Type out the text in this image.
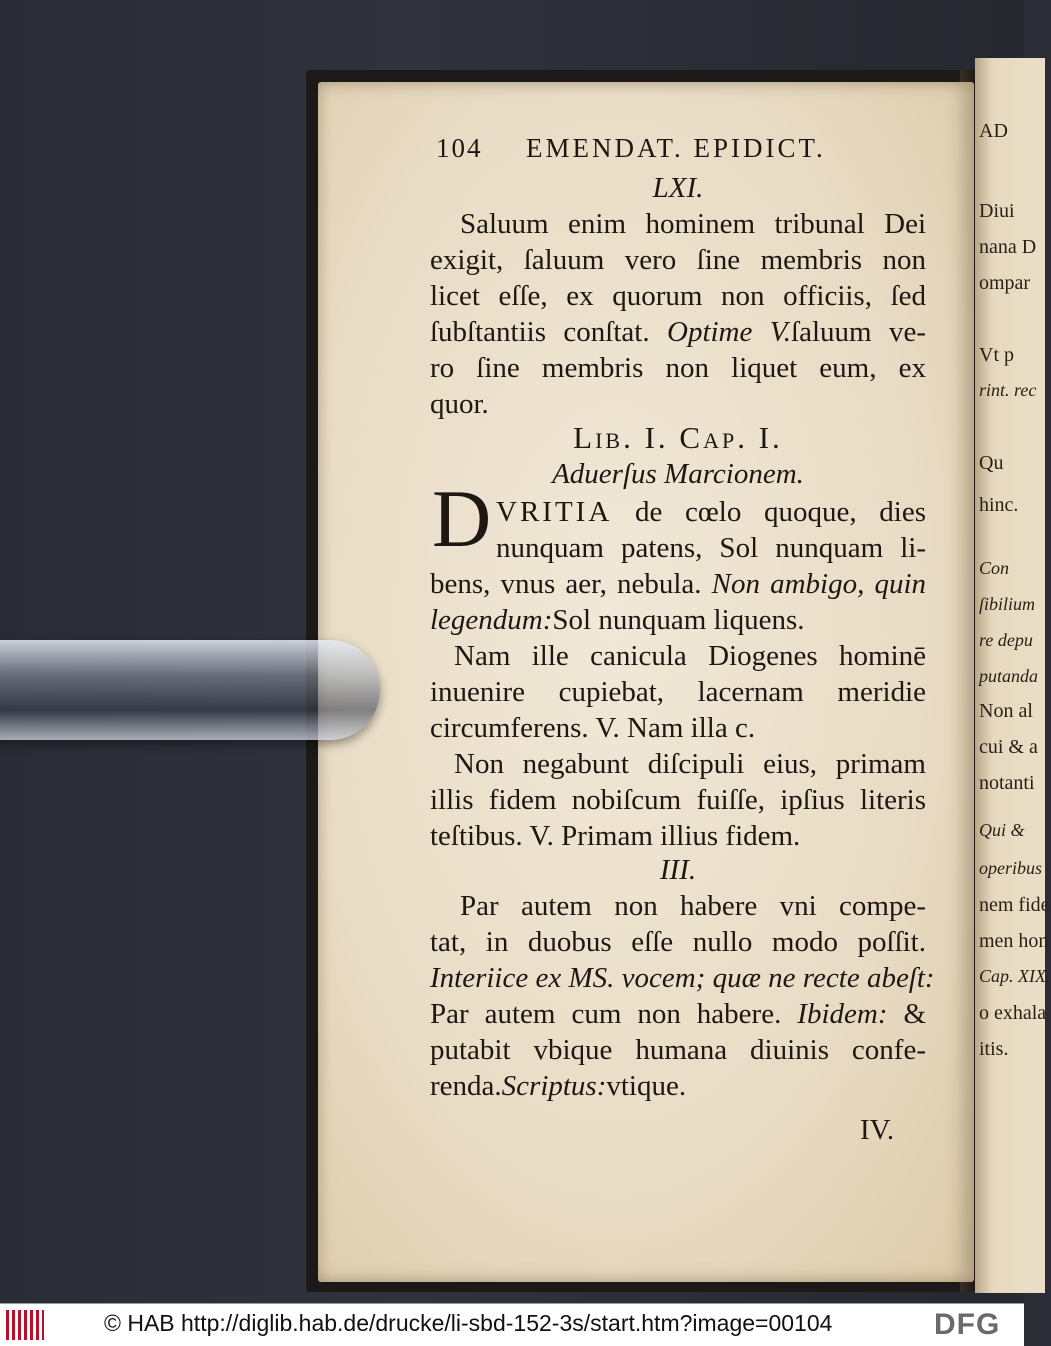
AD
Diui
nana D
ompar
Vt p
rint. rec
Qu
hinc.
Con
ſibilium
re depu
putanda
Non al
cui & a
notanti
Qui &
operibus
nem fide
men hon
Cap. XIX.
o exhala
itis.
104 EMENDAT. EPIDICT.
LXI.
Saluum enim hominem tribunal Dei
exigit, ſaluum vero ſine membris non
licet eſſe, ex quorum non officiis, ſed
ſubſtantiis conſtat. Optime V.ſaluum ve-
ro ſine membris non liquet eum, ex
quor.
Lib. I. Cap. I.
Aduerſus Marcionem.
VRITIA de cœlo quoque, dies
nunquam patens, Sol nunquam li-
bens, vnus aer, nebula. Non ambigo, quin
legendum:Sol nunquam liquens.
Nam ille canicula Diogenes hominē
inuenire cupiebat, lacernam meridie
circumferens. V. Nam illa c.
Non negabunt diſcipuli eius, primam
illis fidem nobiſcum fuiſſe, ipſius literis
teſtibus. V. Primam illius fidem.
III.
Par autem non habere vni compe-
tat, in duobus eſſe nullo modo poſſit.
Interiice ex MS. vocem; quæ ne recte abeſt:
Par autem cum non habere. Ibidem: &
putabit vbique humana diuinis confe-
renda.Scriptus:vtique.
IV.
D
© HAB http://diglib.hab.de/drucke/li-sbd-152-3s/start.htm?image=00104	DFG
